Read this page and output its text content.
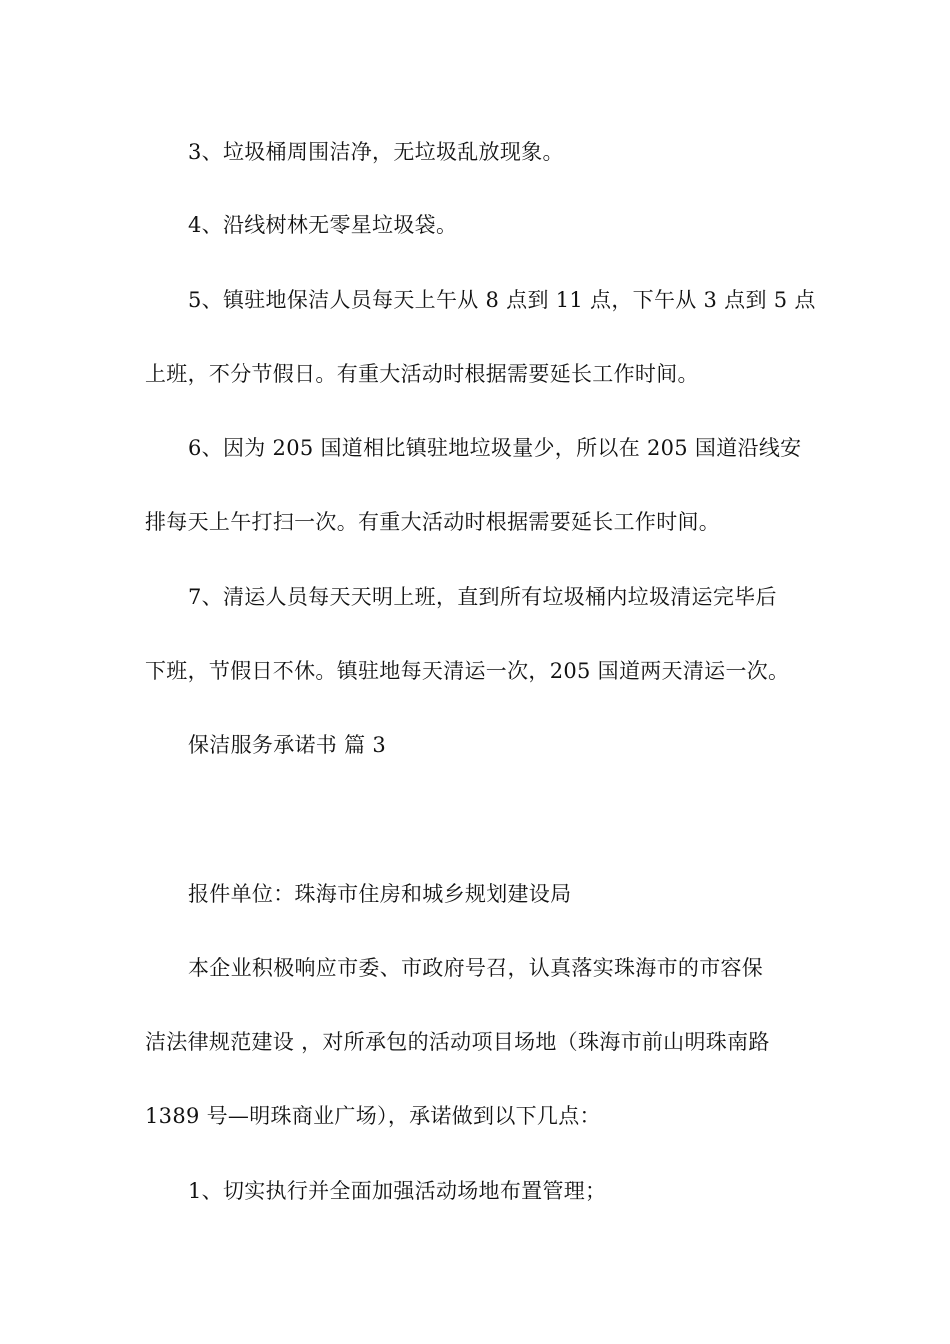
3、垃圾桶周围洁净，无垃圾乱放现象。
4、沿线树林无零星垃圾袋。
5、镇驻地保洁人员每天上午从 8 点到 11 点，下午从 3 点到 5 点
上班，不分节假日。有重大活动时根据需要延长工作时间。
6、因为 205 国道相比镇驻地垃圾量少，所以在 205 国道沿线安
排每天上午打扫一次。有重大活动时根据需要延长工作时间。
7、清运人员每天天明上班，直到所有垃圾桶内垃圾清运完毕后
下班，节假日不休。镇驻地每天清运一次，205 国道两天清运一次。
保洁服务承诺书 篇 3
报件单位：珠海市住房和城乡规划建设局
本企业积极响应市委、市政府号召，认真落实珠海市的市容保
洁法律规范建设 ，对所承包的活动项目场地（珠海市前山明珠南路
1389 号—明珠商业广场），承诺做到以下几点：
1、切实执行并全面加强活动场地布置管理；
